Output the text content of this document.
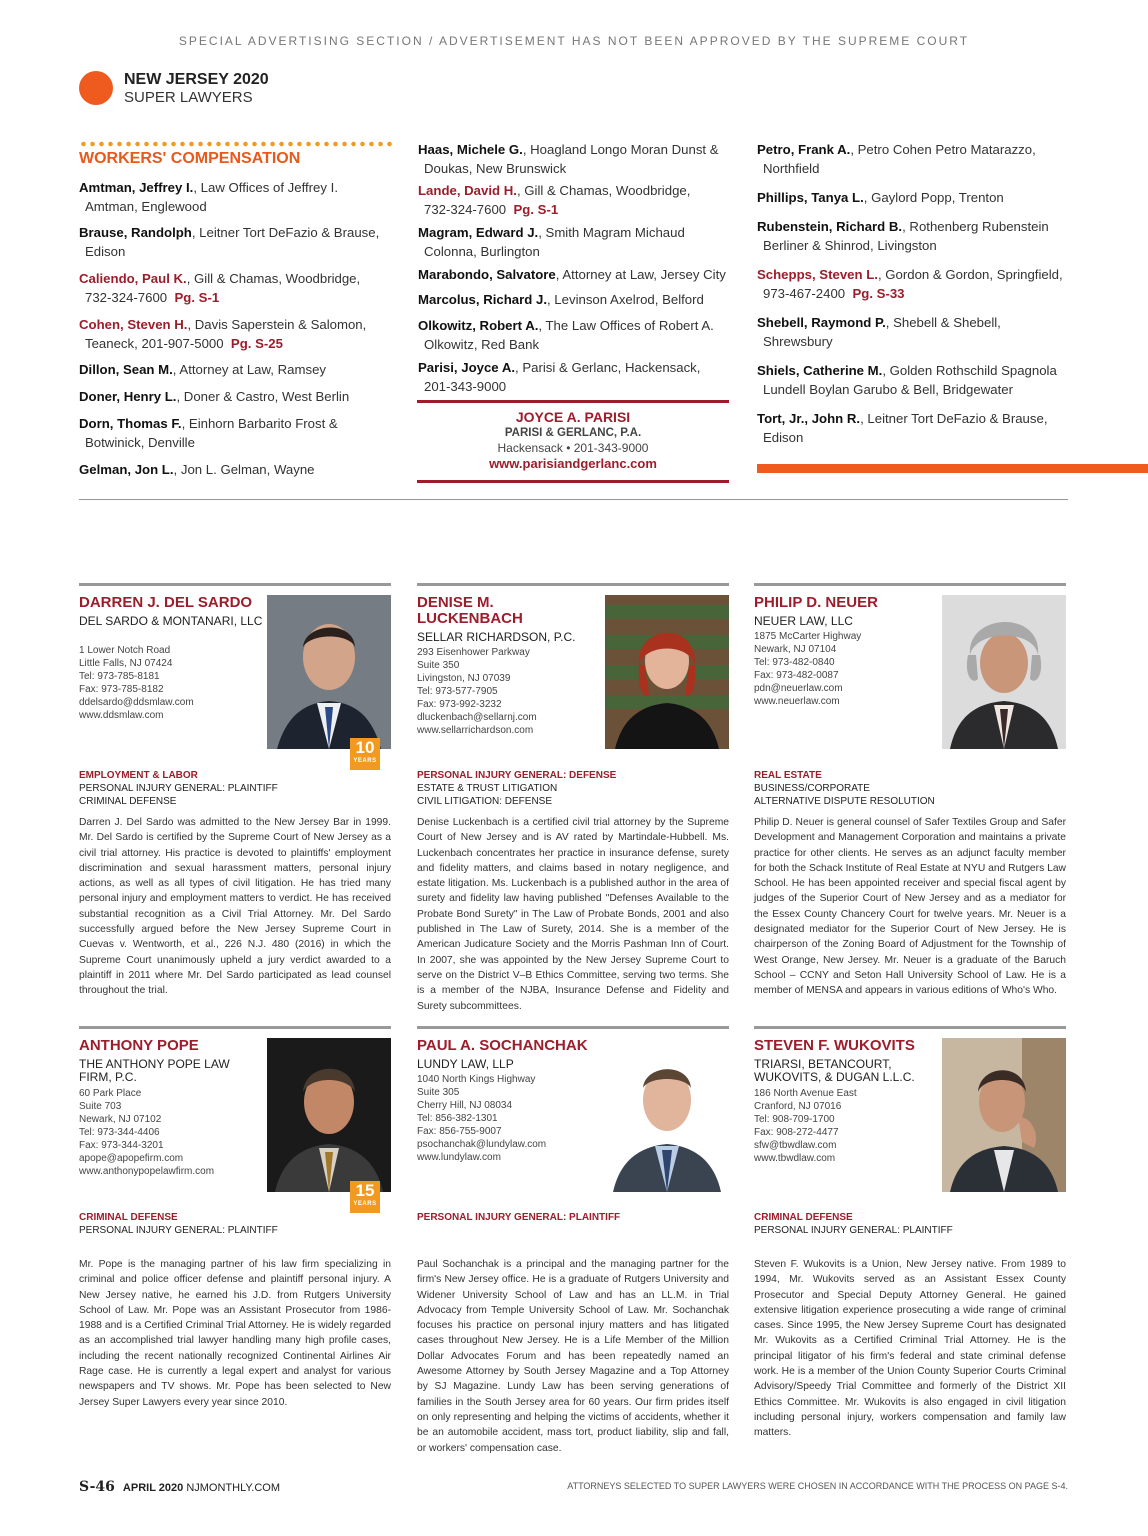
SPECIAL ADVERTISING SECTION / ADVERTISEMENT HAS NOT BEEN APPROVED BY THE SUPREME COURT
NEW JERSEY 2020
SUPER LAWYERS
WORKERS' COMPENSATION
Amtman, Jeffrey I., Law Offices of Jeffrey I.
Amtman, Englewood
Brause, Randolph, Leitner Tort DeFazio & Brause,
Edison
Caliendo, Paul K., Gill & Chamas, Woodbridge,
732-324-7600 Pg. S-1
Cohen, Steven H., Davis Saperstein & Salomon,
Teaneck, 201-907-5000 Pg. S-25
Dillon, Sean M., Attorney at Law, Ramsey
Doner, Henry L., Doner & Castro, West Berlin
Dorn, Thomas F., Einhorn Barbarito Frost &
Botwinick, Denville
Gelman, Jon L., Jon L. Gelman, Wayne
Haas, Michele G., Hoagland Longo Moran Dunst &
Doukas, New Brunswick
Lande, David H., Gill & Chamas, Woodbridge,
732-324-7600 Pg. S-1
Magram, Edward J., Smith Magram Michaud
Colonna, Burlington
Marabondo, Salvatore, Attorney at Law, Jersey City
Marcolus, Richard J., Levinson Axelrod, Belford
Olkowitz, Robert A., The Law Offices of Robert A.
Olkowitz, Red Bank
Parisi, Joyce A., Parisi & Gerlanc, Hackensack,
201-343-9000
JOYCE A. PARISI
PARISI & GERLANC, P.A.
Hackensack • 201-343-9000
www.parisiandgerlanc.com
Petro, Frank A., Petro Cohen Petro Matarazzo,
Northfield
Phillips, Tanya L., Gaylord Popp, Trenton
Rubenstein, Richard B., Rothenberg Rubenstein
Berliner & Shinrod, Livingston
Schepps, Steven L., Gordon & Gordon, Springfield,
973-467-2400 Pg. S-33
Shebell, Raymond P., Shebell & Shebell,
Shrewsbury
Shiels, Catherine M., Golden Rothschild Spagnola
Lundell Boylan Garubo & Bell, Bridgewater
Tort, Jr., John R., Leitner Tort DeFazio & Brause,
Edison
DARREN J. DEL SARDO
DEL SARDO & MONTANARI, LLC
1 Lower Notch Road
Little Falls, NJ 07424
Tel: 973-785-8181
Fax: 973-785-8182
ddelsardo@ddsmlaw.com
www.ddsmlaw.com
10
YEARS
EMPLOYMENT & LABOR
PERSONAL INJURY GENERAL: PLAINTIFF
CRIMINAL DEFENSE
Darren J. Del Sardo was admitted to the New Jersey Bar in 1999. Mr. Del Sardo is certified by the Supreme Court of New Jersey as a civil trial attorney. His practice is devoted to plaintiffs' employment discrimination and sexual harassment matters, personal injury actions, as well as all types of civil litigation. He has tried many personal injury and employment matters to verdict. He has received substantial recognition as a Civil Trial Attorney. Mr. Del Sardo successfully argued before the New Jersey Supreme Court in Cuevas v. Wentworth, et al., 226 N.J. 480 (2016) in which the Supreme Court unanimously upheld a jury verdict awarded to a plaintiff in 2011 where Mr. Del Sardo participated as lead counsel throughout the trial.
DENISE M. LUCKENBACH
SELLAR RICHARDSON, P.C.
293 Eisenhower Parkway
Suite 350
Livingston, NJ 07039
Tel: 973-577-7905
Fax: 973-992-3232
dluckenbach@sellarnj.com
www.sellarrichardson.com
PERSONAL INJURY GENERAL: DEFENSE
ESTATE & TRUST LITIGATION
CIVIL LITIGATION: DEFENSE
Denise Luckenbach is a certified civil trial attorney by the Supreme Court of New Jersey and is AV rated by Martindale-Hubbell. Ms. Luckenbach concentrates her practice in insurance defense, surety and fidelity matters, and claims based in notary negligence, and estate litigation. Ms. Luckenbach is a published author in the area of surety and fidelity law having published "Defenses Available to the Probate Bond Surety" in The Law of Probate Bonds, 2001 and also published in The Law of Surety, 2014. She is a member of the American Judicature Society and the Morris Pashman Inn of Court. In 2007, she was appointed by the New Jersey Supreme Court to serve on the District V–B Ethics Committee, serving two terms. She is a member of the NJBA, Insurance Defense and Fidelity and Surety subcommittees.
PHILIP D. NEUER
NEUER LAW, LLC
1875 McCarter Highway
Newark, NJ 07104
Tel: 973-482-0840
Fax: 973-482-0087
pdn@neuerlaw.com
www.neuerlaw.com
REAL ESTATE
BUSINESS/CORPORATE
ALTERNATIVE DISPUTE RESOLUTION
Philip D. Neuer is general counsel of Safer Textiles Group and Safer Development and Management Corporation and maintains a private practice for other clients. He serves as an adjunct faculty member for both the Schack Institute of Real Estate at NYU and Rutgers Law School. He has been appointed receiver and special fiscal agent by judges of the Superior Court of New Jersey and as a mediator for the Essex County Chancery Court for twelve years. Mr. Neuer is a designated mediator for the Superior Court of New Jersey. He is chairperson of the Zoning Board of Adjustment for the Township of West Orange, New Jersey. Mr. Neuer is a graduate of the Baruch School – CCNY and Seton Hall University School of Law. He is a member of MENSA and appears in various editions of Who's Who.
ANTHONY POPE
THE ANTHONY POPE LAW FIRM, P.C.
60 Park Place
Suite 703
Newark, NJ 07102
Tel: 973-344-4406
Fax: 973-344-3201
apope@apopefirm.com
www.anthonypopelawfirm.com
15
YEARS
CRIMINAL DEFENSE
PERSONAL INJURY GENERAL: PLAINTIFF
Mr. Pope is the managing partner of his law firm specializing in criminal and police officer defense and plaintiff personal injury. A New Jersey native, he earned his J.D. from Rutgers University School of Law. Mr. Pope was an Assistant Prosecutor from 1986-1988 and is a Certified Criminal Trial Attorney. He is widely regarded as an accomplished trial lawyer handling many high profile cases, including the recent nationally recognized Continental Airlines Air Rage case. He is currently a legal expert and analyst for various newspapers and TV shows. Mr. Pope has been selected to New Jersey Super Lawyers every year since 2010.
PAUL A. SOCHANCHAK
LUNDY LAW, LLP
1040 North Kings Highway
Suite 305
Cherry Hill, NJ 08034
Tel: 856-382-1301
Fax: 856-755-9007
psochanchak@lundylaw.com
www.lundylaw.com
PERSONAL INJURY GENERAL: PLAINTIFF
Paul Sochanchak is a principal and the managing partner for the firm's New Jersey office. He is a graduate of Rutgers University and Widener University School of Law and has an LL.M. in Trial Advocacy from Temple University School of Law. Mr. Sochanchak focuses his practice on personal injury matters and has litigated cases throughout New Jersey. He is a Life Member of the Million Dollar Advocates Forum and has been repeatedly named an Awesome Attorney by South Jersey Magazine and a Top Attorney by SJ Magazine. Lundy Law has been serving generations of families in the South Jersey area for 60 years. Our firm prides itself on only representing and helping the victims of accidents, whether it be an automobile accident, mass tort, product liability, slip and fall, or workers' compensation case.
STEVEN F. WUKOVITS
TRIARSI, BETANCOURT, WUKOVITS, & DUGAN L.L.C.
186 North Avenue East
Cranford, NJ 07016
Tel: 908-709-1700
Fax: 908-272-4477
sfw@tbwdlaw.com
www.tbwdlaw.com
CRIMINAL DEFENSE
PERSONAL INJURY GENERAL: PLAINTIFF
Steven F. Wukovits is a Union, New Jersey native. From 1989 to 1994, Mr. Wukovits served as an Assistant Essex County Prosecutor and Special Deputy Attorney General. He gained extensive litigation experience prosecuting a wide range of criminal cases. Since 1995, the New Jersey Supreme Court has designated Mr. Wukovits as a Certified Criminal Trial Attorney. He is the principal litigator of his firm's federal and state criminal defense work. He is a member of the Union County Superior Courts Criminal Advisory/Speedy Trial Committee and formerly of the District XII Ethics Committee. Mr. Wukovits is also engaged in civil litigation including personal injury, workers compensation and family law matters.
S-46 APRIL 2020 NJMONTHLY.COM	ATTORNEYS SELECTED TO SUPER LAWYERS WERE CHOSEN IN ACCORDANCE WITH THE PROCESS ON PAGE S-4.
